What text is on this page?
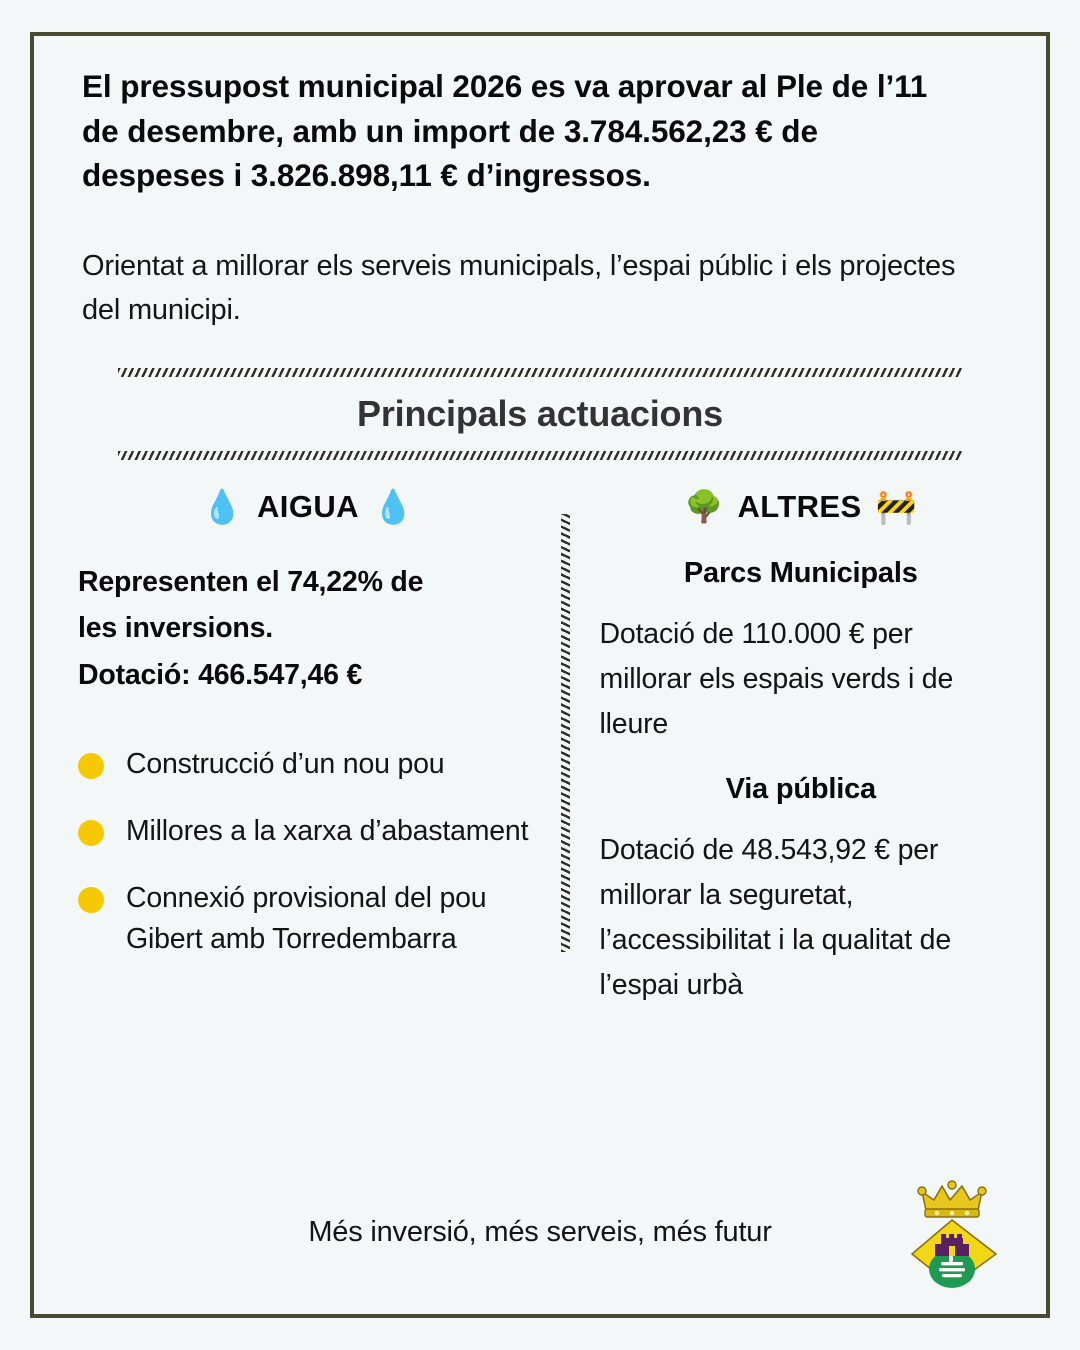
El pressupost municipal 2026 es va aprovar al Ple de l’11

de desembre, amb un import de 3.784.562,23 € de

despeses i 3.826.898,11 € d’ingressos.

Orientat a millorar els serveis municipals, l’espai públic i els projectes del municipi.

Principals actuacions
💧 AIGUA 💧

Representen el 74,22% de

les inversions.

Dotació: 466.547,46 €

Construcció d’un nou pou
Millores a la xarxa d’abastament
Connexió provisional del pou Gibert amb Torredembarra
🌳 ALTRES 🚧
Parcs Municipals

Dotació de 110.000 € per millorar els espais verds i de lleure

Via pública

Dotació de 48.543,92 € per millorar la seguretat, l’accessibilitat i la qualitat de l’espai urbà

Més inversió, més serveis, més futur
